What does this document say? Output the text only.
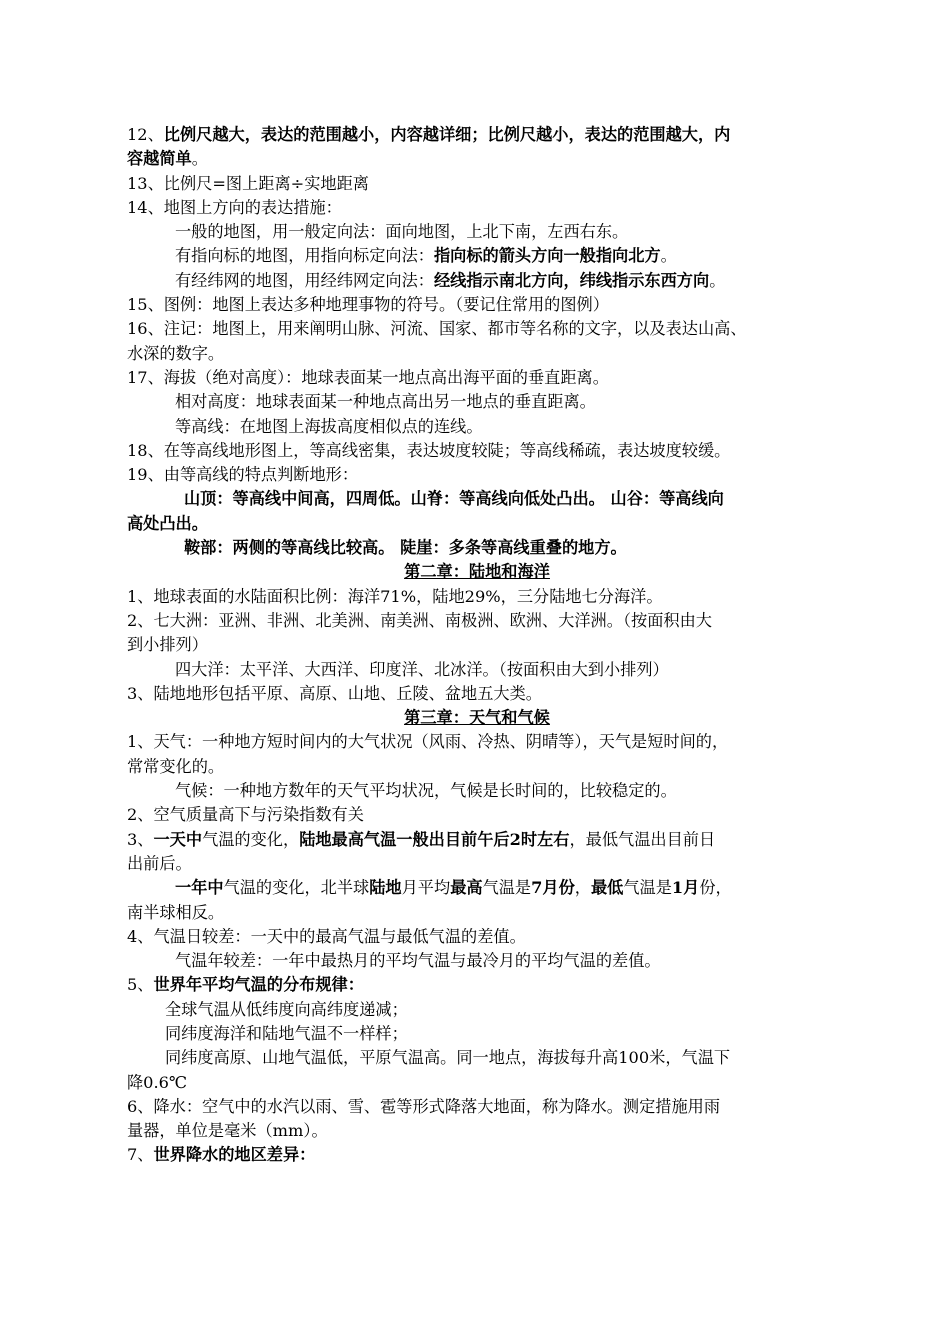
12、比例尺越大，表达的范围越小，内容越详细；比例尺越小，表达的范围越大，内
容越简单。
13、比例尺=图上距离÷实地距离
14、地图上方向的表达措施：
一般的地图，用一般定向法：面向地图，上北下南，左西右东。
有指向标的地图，用指向标定向法：指向标的箭头方向一般指向北方。
有经纬网的地图，用经纬网定向法：经线指示南北方向，纬线指示东西方向。
15、图例：地图上表达多种地理事物的符号。（要记住常用的图例）
16、注记：地图上，用来阐明山脉、河流、国家、都市等名称的文字，以及表达山高、
水深的数字。
17、海拔（绝对高度）：地球表面某一地点高出海平面的垂直距离。
相对高度：地球表面某一种地点高出另一地点的垂直距离。
等高线：在地图上海拔高度相似点的连线。
18、在等高线地形图上，等高线密集，表达坡度较陡；等高线稀疏，表达坡度较缓。
19、由等高线的特点判断地形：
山顶：等高线中间高，四周低。山脊：等高线向低处凸出。 山谷：等高线向
高处凸出。
鞍部：两侧的等高线比较高。 陡崖：多条等高线重叠的地方。
第二章：陆地和海洋
1、地球表面的水陆面积比例：海洋71%，陆地29%，三分陆地七分海洋。
2、七大洲：亚洲、非洲、北美洲、南美洲、南极洲、欧洲、大洋洲。（按面积由大
到小排列）
四大洋：太平洋、大西洋、印度洋、北冰洋。（按面积由大到小排列）
3、陆地地形包括平原、高原、山地、丘陵、盆地五大类。
第三章：天气和气候
1、天气：一种地方短时间内的大气状况（风雨、冷热、阴晴等），天气是短时间的，
常常变化的。
气候：一种地方数年的天气平均状况，气候是长时间的，比较稳定的。
2、空气质量高下与污染指数有关
3、一天中气温的变化，陆地最高气温一般出目前午后2时左右，最低气温出目前日
出前后。
一年中气温的变化，北半球陆地月平均最高气温是7月份，最低气温是1月份，
南半球相反。
4、气温日较差：一天中的最高气温与最低气温的差值。
气温年较差：一年中最热月的平均气温与最冷月的平均气温的差值。
5、世界年平均气温的分布规律：
全球气温从低纬度向高纬度递减；
同纬度海洋和陆地气温不一样样；
同纬度高原、山地气温低，平原气温高。同一地点，海拔每升高100米，气温下
降0.6℃
6、降水：空气中的水汽以雨、雪、雹等形式降落大地面，称为降水。测定措施用雨
量器，单位是毫米（mm）。
7、世界降水的地区差异：
